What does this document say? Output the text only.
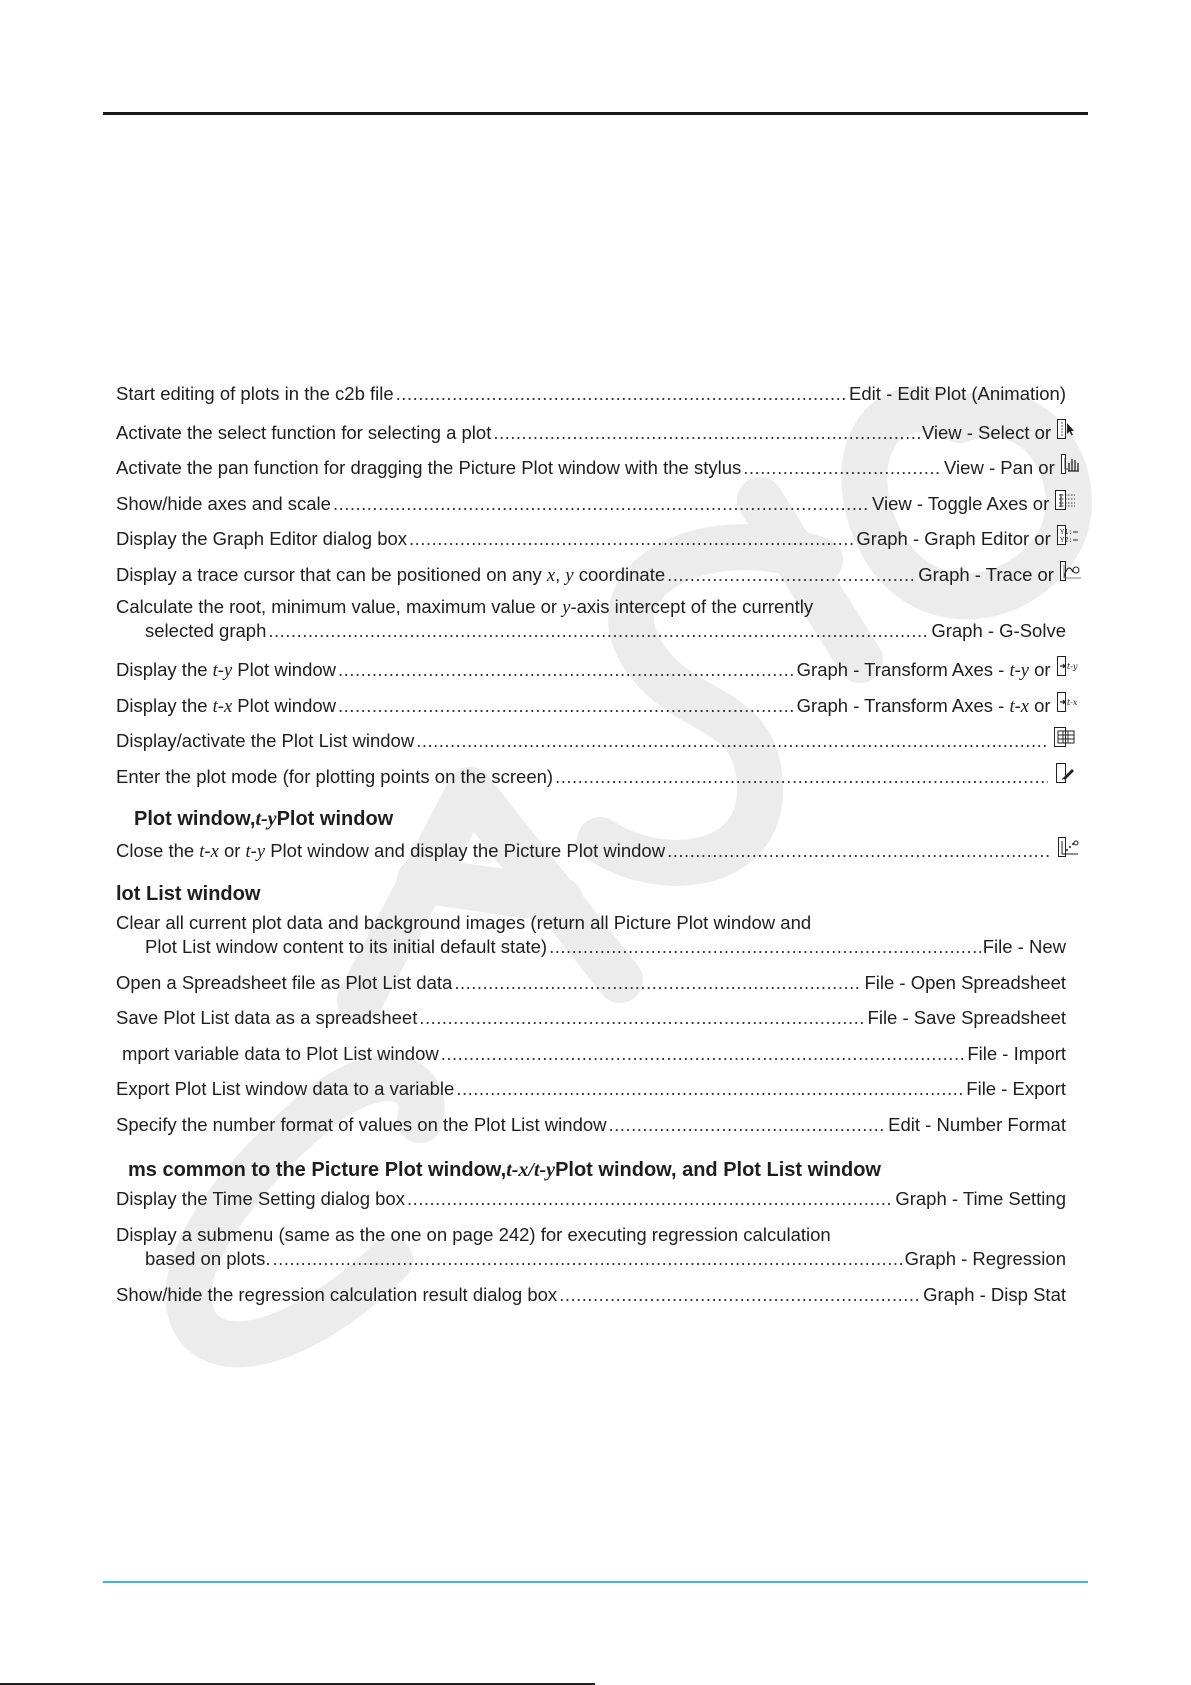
Start editing of plots in the c2b file .....	Edit - Edit Plot (Animation)
Activate the select function for selecting a plot .....	View - Select or
Activate the pan function for dragging the Picture Plot window with the stylus .....	View - Pan or
Show/hide axes and scale .....	View - Toggle Axes or
Display the Graph Editor dialog box .....	Graph - Graph Editor or Y1:
Y2:
Display a trace cursor that can be positioned on any x, y coordinate .....	Graph - Trace or
Calculate the root, minimum value, maximum value or y-axis intercept of the currently
selected graph .....	Graph - G-Solve
Display the t-y Plot window .....	Graph - Transform Axes - t-y or t-y
Display the t-x Plot window .....	Graph - Transform Axes - t-x or t-x
Display/activate the Plot List window
.....
Enter the plot mode (for plotting points on the screen)
.....
Plot window, t-y Plot window
Close the t-x or t-y Plot window and display the Picture Plot window
.....
lot List window
Clear all current plot data and background images (return all Picture Plot window and
Plot List window content to its initial default state) .....	File - New
Open a Spreadsheet file as Plot List data .....	File - Open Spreadsheet
Save Plot List data as a spreadsheet .....	File - Save Spreadsheet
mport variable data to Plot List window .....	File - Import
Export Plot List window data to a variable .....	File - Export
Specify the number format of values on the Plot List window .....	Edit - Number Format
ms common to the Picture Plot window, t-x/t-y Plot window, and Plot List window
Display the Time Setting dialog box .....	Graph - Time Setting
Display a submenu (same as the one on page 242) for executing regression calculation
based on plots. .....	Graph - Regression
Show/hide the regression calculation result dialog box .....	Graph - Disp Stat
